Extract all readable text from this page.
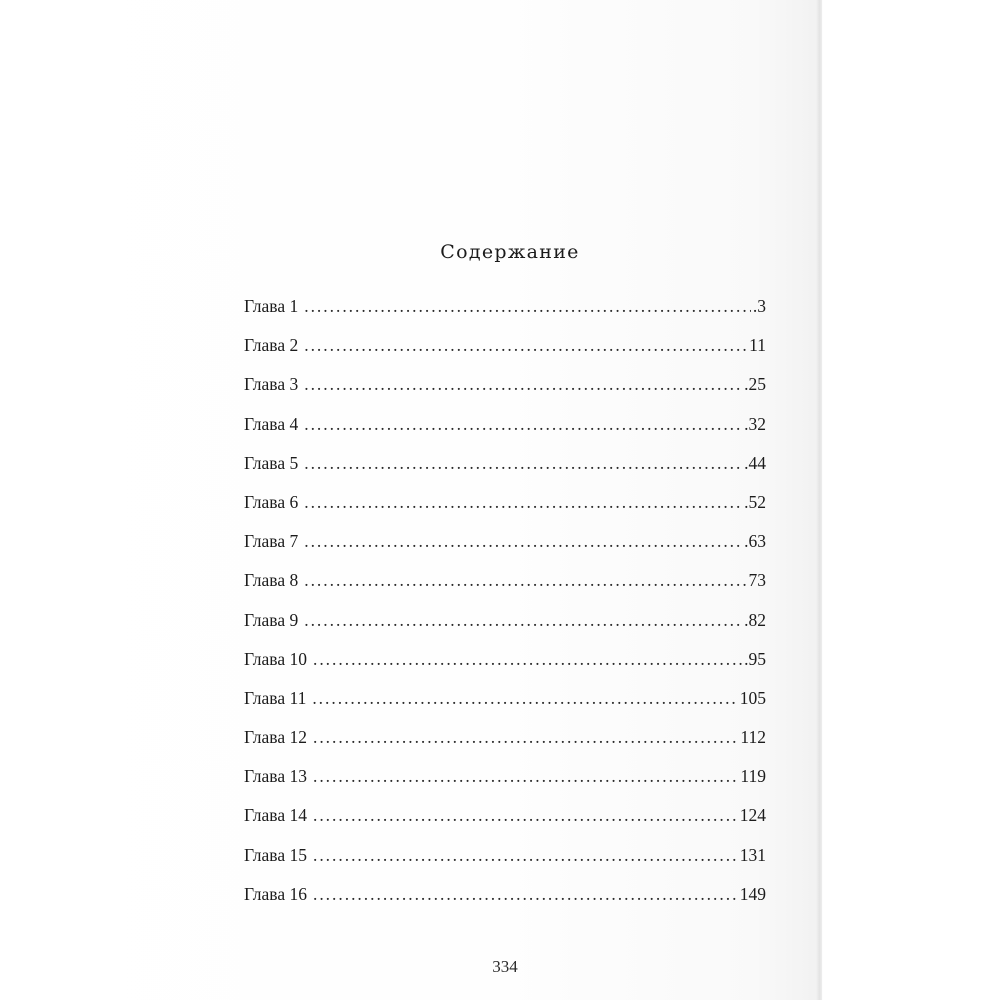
Содержание
Глава 1 . . .	.3
Глава 2 . . .	11
Глава 3 . . .	.25
Глава 4 . . .	.32
Глава 5 . . .	.44
Глава 6 . . .	.52
Глава 7 . . .	.63
Глава 8 . . .	73
Глава 9 . . .	.82
Глава 10 . . .	.95
Глава 11 . . .	105
Глава 12 . . .	112
Глава 13 . . .	119
Глава 14 . . .	124
Глава 15 . . .	131
Глава 16 . . .	149
334
